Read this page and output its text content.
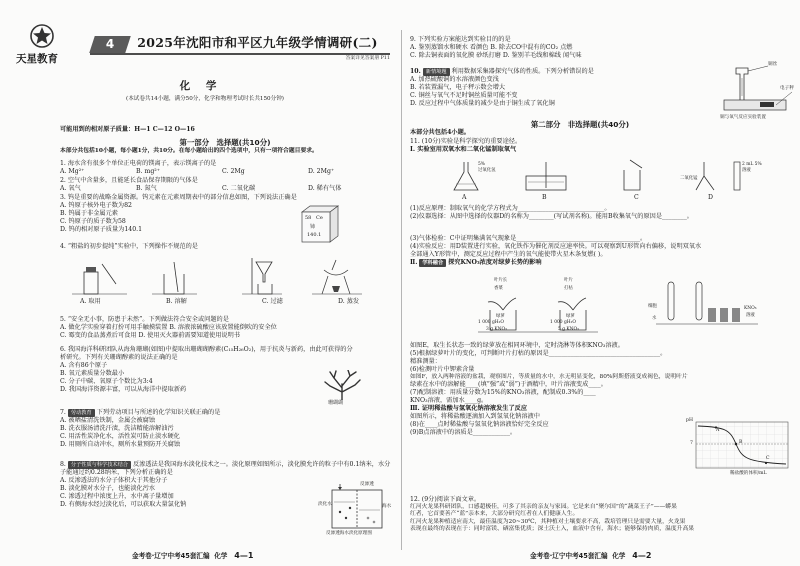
天星教育
4	2025年沈阳市和平区九年级学情调研(二)
答案详见答案册 P11
化 学
(本试卷共14小题，满分50分，化学和物理考试时长共150分钟)
可能用到的相对原子质量：H—1 C—12 O—16
第一部分　选择题(共10分)
本部分共包括10小题，每小题1分，共10分。在每小题给出的四个选项中，只有一项符合题目要求。
1. 海水含有很多个单位正电荷的镁离子，表示镁离子的是
A. Mg²⁺	B. mg²⁺	C. 2Mg	D. 2Mg⁺
2. 空气中含量多，且能延长食品保存期限的气体是
A. 氧气	B. 氮气	C. 二氧化碳	D. 稀有气体
3. 钨是重要的战略金属资源。钨元素在元素周期表中的部分信息如图，下列说法正确是
A. 钨原子核外电子数为82
B. 钨属于非金属元素
C. 钨原子的质子数为58
D. 钨的相对原子质量为140.1
58 Ce
铈
140.1
4. “粗盐的初步提纯”实验中，下列操作不规范的是
A. 取用	B. 溶解	C. 过滤	D. 蒸发
5. “安全无小事，防患于未然”。下列做法符合安全或问题的是
A. 做化学实验穿着打扮可用手触摸装置 B. 溶液浓硫酸应该放置能倒吹的安全位
C. 霉变的食品蒸煮后可食用 D. 使用灭火器前需要知道使用说明书
6. 我国海洋科研团队从海角珊瑚(如图)中提取出珊瑚瑚醇素(C₁₅H₂₆O₂)，用于抗炎与新药，由此可获得的分
析研究。下列有关珊瑚醇素的说法正确的是
A. 含有86个原子
B. 氧元素质量分数最小
C. 分子中碳、氧原子个数比为3:4
D. 我国海洋资源丰富，可以从海洋中提取新药
珊瑚瑚
7. 劳动教育 下列劳动项目与所述的化学知识关联正确的是
A. 被晒盐清洗铁制，金属会被腐蚀
B. 洗衣服汤清洗汗渍，洗洁精能溶解油污
C. 用活性炭净化水，活性炭可防止淡水硬化
D. 用厕所自动冲水，厕所水量预防开关腐蚀
8. 分子性质与科学技术结合 反渗透法是我国海水淡化技术之一。淡化原理如图所示，淡化膜允许的粒子中有0.1纳米，水分子能通过约0.28纳米，下列分析正确的是
A. 反渗透法的水分子体积大于其他分子
B. 淡化膜对水分子，也能淡化污水
C. 渗透过程中浓度上升，水中离子量增加
D. 有侧海水经过淡化后，可以获取大量氯化钠
反渗透
淡化水	海水
反渗透海水淡化原理图
金考卷·辽宁中考45套汇编 化学 4—1
9. 下列实验方案能达到实验目的的是
A. 鉴别蒸馏水和硬水 看颜色 B. 除去CO中混有的CO₂ 点燃
C. 除去铜表面的氧化膜 砂纸打磨 D. 鉴别羊毛线和棉线 闻气味
10. 新情境题 利用数据采集器探究气体的性质。下列分析错误的是
A. 加热硫酸铜的水溶液颜色变浅
B. 若装置漏气，电子秤示数会增大
C. 铜丝与氧气不足时铜丝质量可能不变
D. 反应过程中气体质量的减少是由于铜生成了氧化铜
铜丝
电子秤
铜与氧气反应实验装置
第二部分　非选择题(共40分)
本部分共包括4小题。
11. (10分)实验是科学探究的重要途径。
Ⅰ. 实验室用双氧水和二氧化锰制取氧气
A	B	C	D
二氧化锰
5%
过氧化氢
2 mL 5%
溶液
(1)反应原理：制取氧气的化学方程式为____________________________。
(2)仪器选择：从图中选择的仪器D的名称为________(写试剂名称)。能用B收集氧气的原因是________。
(3)气体检验：C中证明集满氧气现象是________________________________________。
(4)实验反应：用D装置进行实验，氧化铁作为催化剂反应速率快。可以观察到U形管向右偏移，说明双氧水
全部通入Y形管中，测定反应过程中产生的氧气能使带火星木条复燃( )。
Ⅱ. 学科融合 探究KNO₃浓度对绿萝长势的影响
叶片长	叶片
香菜	打枯
绿萝	绿萝
1 000 gH₂O	1 000 gH₂O
3 g KNO₃	5 g KNO₃
细胞
水
KNO₃
溶液
如图E，取生长状态一致的绿萝放在相同环境中，定时浇淋等体积KNO₃溶液。
(5)根据绿萝叶片的变化，可判断叶片打枯的原因是____________________________________。
精准测量：
(6)检测叶片中钾素含量
如图F，放入两种溶液的盆栽，观察图片，等质量的水中，水无明显变化，80%阿斯搭液变成褐色，说明叶片
绿素在水中的溶解能____(填“强”或“弱”)于酒精中，叶片溶液变成____。
(7)配制溶液：用质量分数为15%的KNO₃溶液，配制成0.3%的____
KNO₃溶液，需加水____g。
Ⅲ. 证明稀盐酸与氢氧化钠溶液发生了反应
如图所示，将稀盐酸逐滴加入到氢氧化钠溶液中
(8)在____点时稀盐酸与氢氧化钠溶液恰好完全反应
(9)B点溶液中的溶质是____________。
pH
7
A
B
C
稀盐酸的体积/mL
12. (9分)阅读下面文章。
红河火龙果科研团队，口感超极佳，可多了其亲的亲友与家园。它是来自“聚尔国”的“蔬菜王子”——蟒果
红者，它首要善产“蓝”亲本来，大部分研究红者在人们健康人生。
红河火龙果种植适应南大，最佳温度为20~30℃，其种植对土壤要求不高，栽培管理只是需要大量，火龙果
表现在最终的表现在于：同时富镁、硒富集优质；深土沃土入，血液中含有，海水；能够保持肉质，温度升高果
金考卷·辽宁中考45套汇编 化学 4—2
